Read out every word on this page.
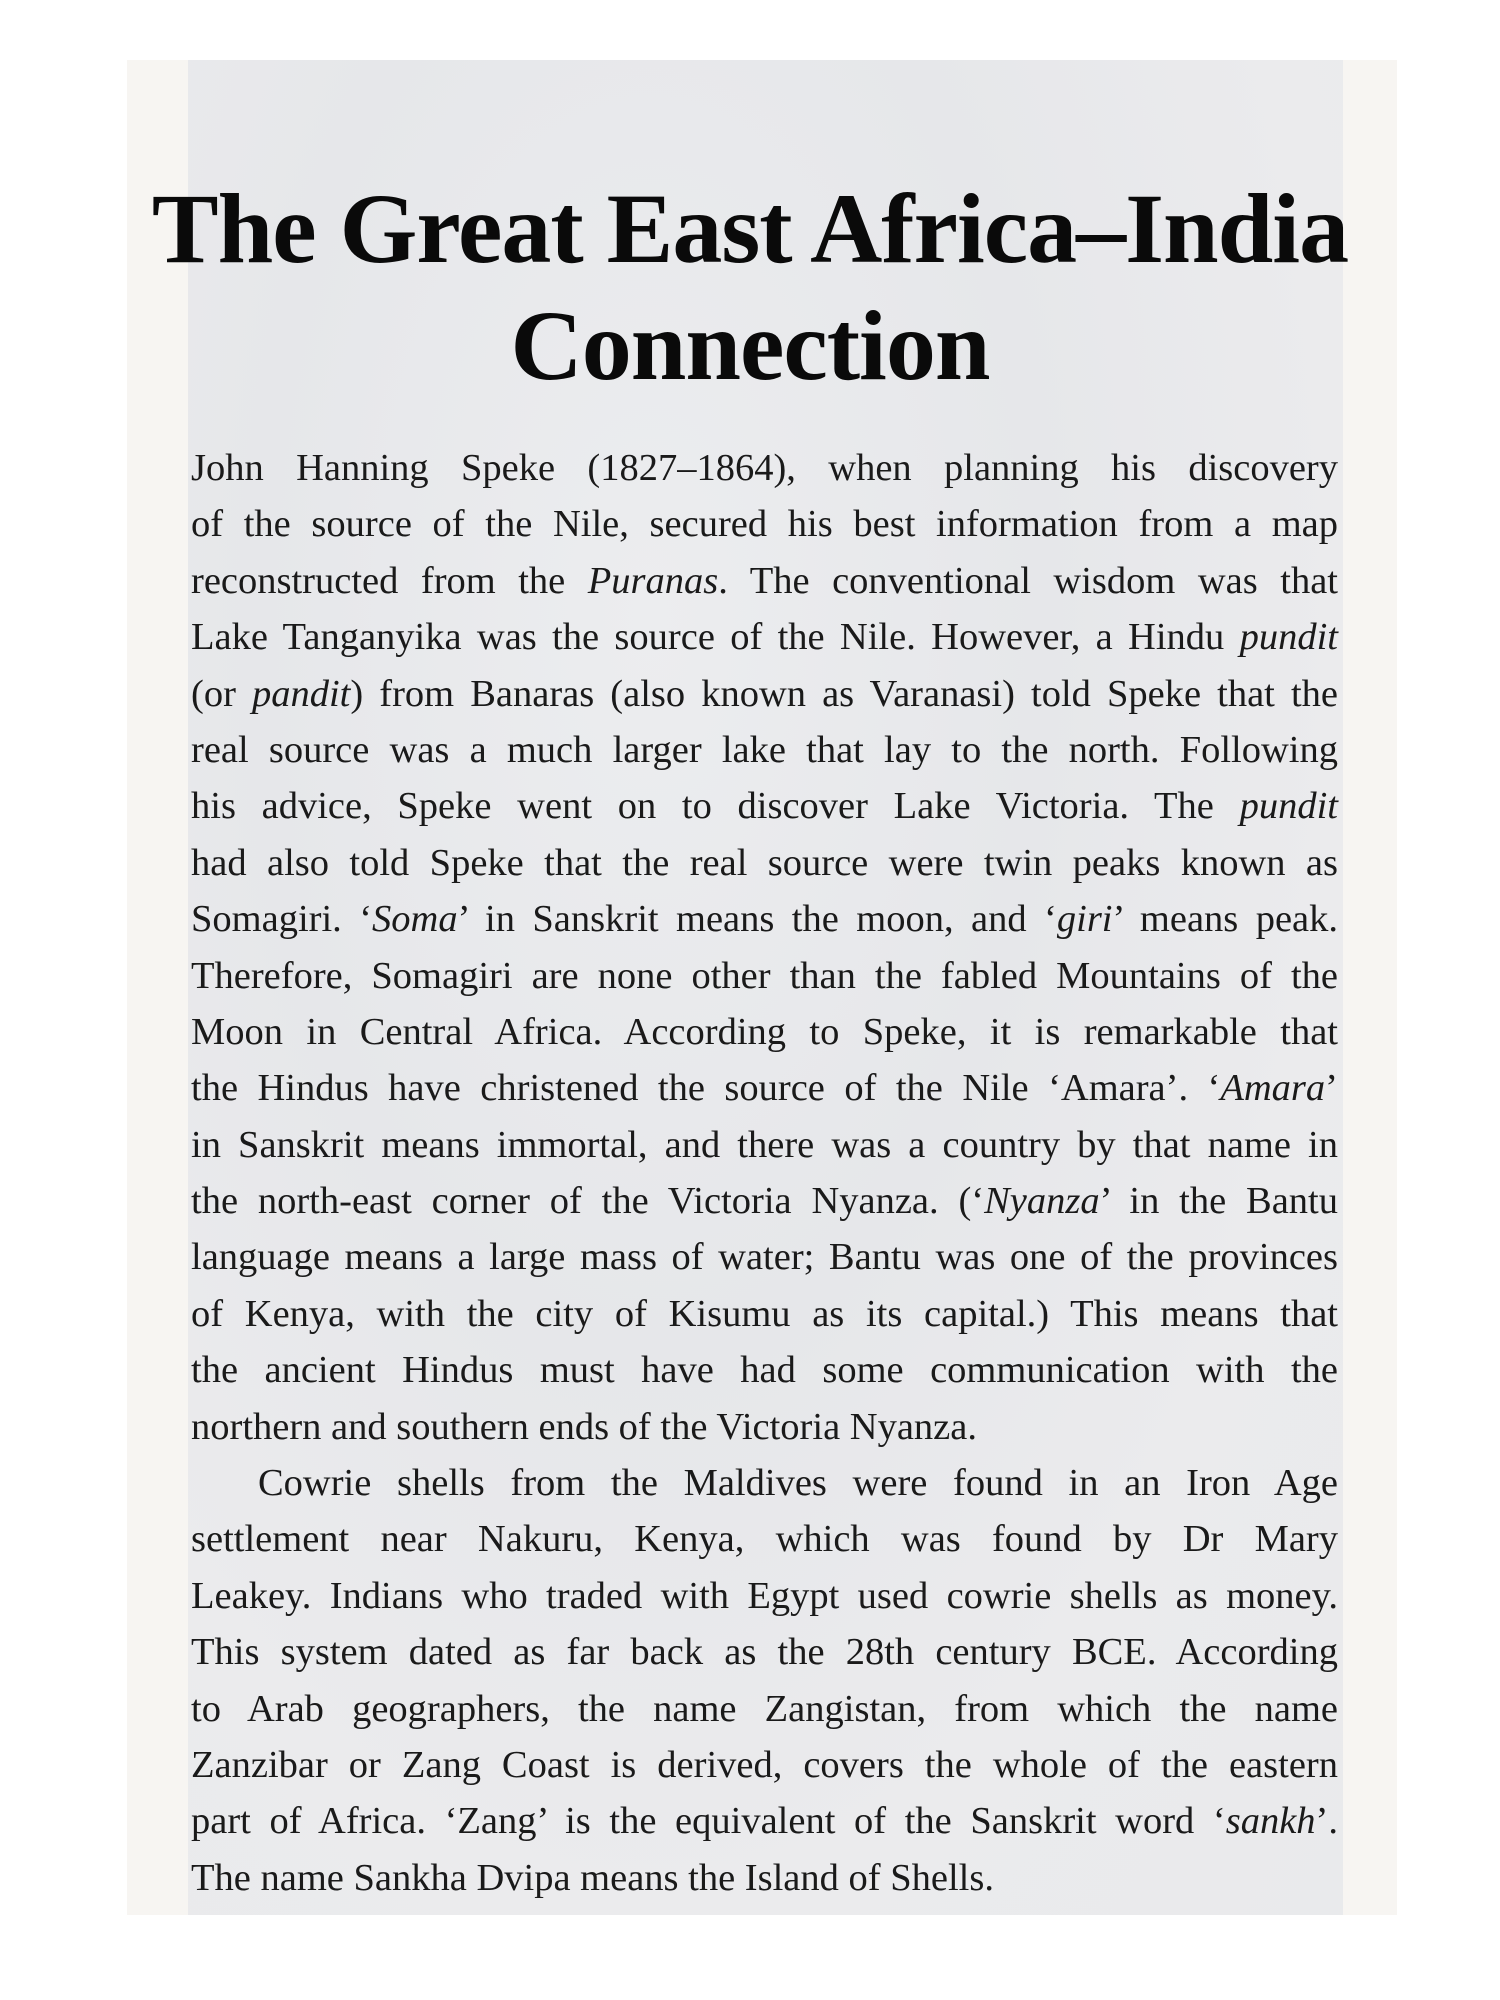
The Great East Africa–India
Connection
John Hanning Speke (1827–1864), when planning his discovery
of the source of the Nile, secured his best information from a map
reconstructed from the Puranas. The conventional wisdom was that
Lake Tanganyika was the source of the Nile. However, a Hindu pundit
(or pandit) from Banaras (also known as Varanasi) told Speke that the
real source was a much larger lake that lay to the north. Following
his advice, Speke went on to discover Lake Victoria. The pundit
had also told Speke that the real source were twin peaks known as
Somagiri. ‘Soma’ in Sanskrit means the moon, and ‘giri’ means peak.
Therefore, Somagiri are none other than the fabled Mountains of the
Moon in Central Africa. According to Speke, it is remarkable that
the Hindus have christened the source of the Nile ‘Amara’. ‘Amara’
in Sanskrit means immortal, and there was a country by that name in
the north-east corner of the Victoria Nyanza. (‘Nyanza’ in the Bantu
language means a large mass of water; Bantu was one of the provinces
of Kenya, with the city of Kisumu as its capital.) This means that
the ancient Hindus must have had some communication with the
northern and southern ends of the Victoria Nyanza.
Cowrie shells from the Maldives were found in an Iron Age
settlement near Nakuru, Kenya, which was found by Dr Mary
Leakey. Indians who traded with Egypt used cowrie shells as money.
This system dated as far back as the 28th century BCE. According
to Arab geographers, the name Zangistan, from which the name
Zanzibar or Zang Coast is derived, covers the whole of the eastern
part of Africa. ‘Zang’ is the equivalent of the Sanskrit word ‘sankh’.
The name Sankha Dvipa means the Island of Shells.
